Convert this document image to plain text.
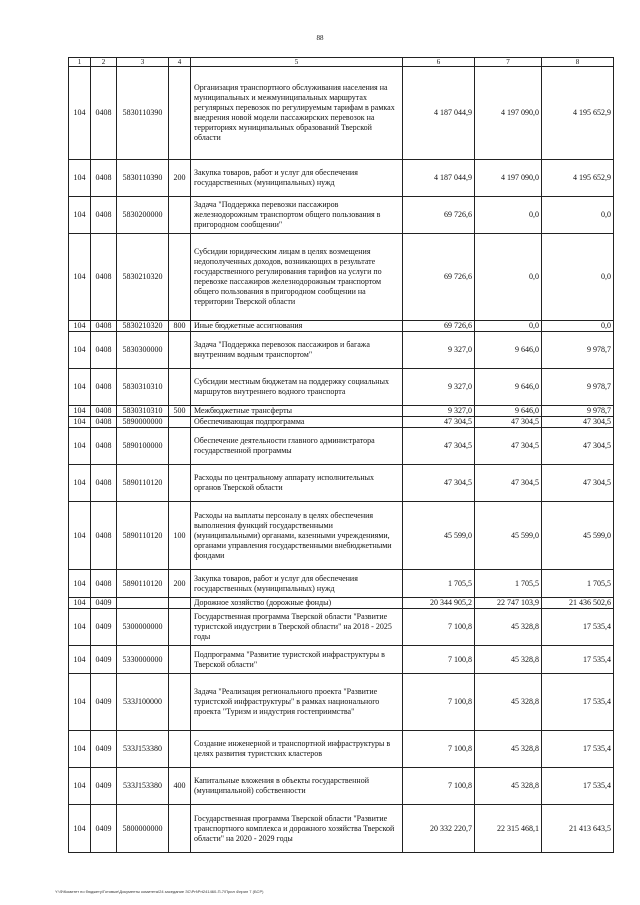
88
1	2	3	4	5	6	7	8
104	0408	5830110390		Организация транспортного обслуживания населения на муниципальных и межмуниципальных маршрутах регулярных перевозок по регулируемым тарифам в рамках внедрения новой модели пассажирских перевозок на территориях муниципальных образований Тверской области	4 187 044,9	4 197 090,0	4 195 652,9
104	0408	5830110390	200	Закупка товаров, работ и услуг для обеспечения государственных (муниципальных) нужд	4 187 044,9	4 197 090,0	4 195 652,9
104	0408	5830200000		Задача "Поддержка перевозки пассажиров железнодорожным транспортом общего пользования в пригородном сообщении"	69 726,6	0,0	0,0
104	0408	5830210320		Субсидии юридическим лицам в целях возмещения недополученных доходов, возникающих в результате государственного регулирования тарифов на услуги по перевозке пассажиров железнодорожным транспортом общего пользования в пригородном сообщении на территории Тверской области	69 726,6	0,0	0,0
104	0408	5830210320	800	Иные бюджетные ассигнования	69 726,6	0,0	0,0
104	0408	5830300000		Задача "Поддержка перевозок пассажиров и багажа внутренним водным транспортом"	9 327,0	9 646,0	9 978,7
104	0408	5830310310		Субсидии местным бюджетам на поддержку социальных маршрутов внутреннего водного транспорта	9 327,0	9 646,0	9 978,7
104	0408	5830310310	500	Межбюджетные трансферты	9 327,0	9 646,0	9 978,7
104	0408	5890000000		Обеспечивающая подпрограмма	47 304,5	47 304,5	47 304,5
104	0408	5890100000		Обеспечение деятельности главного администратора государственной программы	47 304,5	47 304,5	47 304,5
104	0408	5890110120		Расходы по центральному аппарату исполнительных органов Тверской области	47 304,5	47 304,5	47 304,5
104	0408	5890110120	100	Расходы на выплаты персоналу в целях обеспечения выполнения функций государственными (муниципальными) органами, казенными учреждениями, органами управления государственными внебюджетными фондами	45 599,0	45 599,0	45 599,0
104	0408	5890110120	200	Закупка товаров, работ и услуг для обеспечения государственных (муниципальных) нужд	1 705,5	1 705,5	1 705,5
104	0409			Дорожное хозяйство (дорожные фонды)	20 344 905,2	22 747 103,9	21 436 502,6
104	0409	5300000000		Государственная программа Тверской области "Развитие туристской индустрии в Тверской области" на 2018 - 2025 годы	7 100,8	45 328,8	17 535,4
104	0409	5330000000		Подпрограмма "Развитие туристской инфраструктуры в Тверской области"	7 100,8	45 328,8	17 535,4
104	0409	533J100000		Задача "Реализация регионального проекта "Развитие туристской инфраструктуры" в рамках национального проекта "Туризм и индустрия гостеприимства"	7 100,8	45 328,8	17 535,4
104	0409	533J153380		Создание инженерной и транспортной инфраструктуры в целях развития туристских кластеров	7 100,8	45 328,8	17 535,4
104	0409	533J153380	400	Капитальные вложения в объекты государственной (муниципальной) собственности	7 100,8	45 328,8	17 535,4
104	0409	5800000000		Государственная программа Тверской области "Развитие транспортного комплекса и дорожного хозяйства Тверской области" на 2020 - 2029 годы	20 332 220,7	22 315 468,1	21 413 643,5
Y:\Ф\Комитет по бюджету\Готовые\Документы комитета\24 заседание ЗС\Prt\Prt241460-П-7\Прил 4\прил 7 (БСР)
